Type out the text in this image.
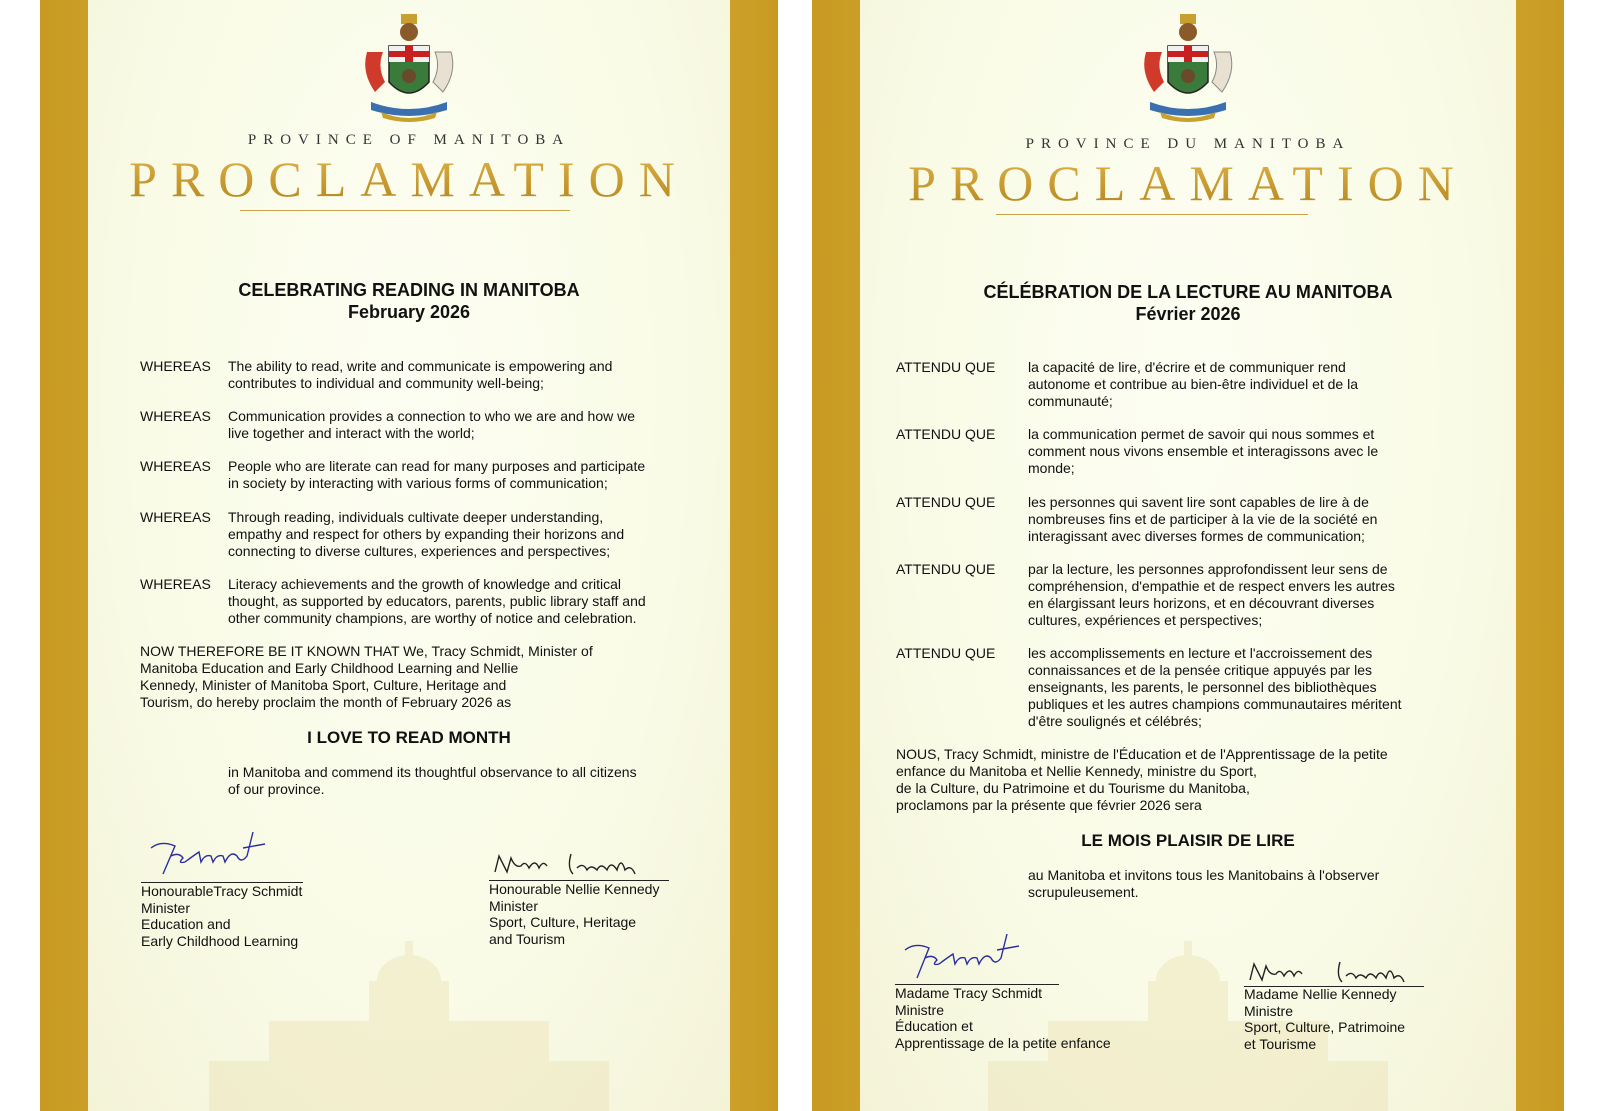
PROVINCE OF MANITOBA
PROCLAMATION
CELEBRATING READING IN MANITOBA
February 2026
WHEREAS The ability to read, write and communicate is empowering and
contributes to individual and community well-being;
WHEREAS Communication provides a connection to who we are and how we
live together and interact with the world;
WHEREAS People who are literate can read for many purposes and participate
in society by interacting with various forms of communication;
WHEREAS Through reading, individuals cultivate deeper understanding,
empathy and respect for others by expanding their horizons and
connecting to diverse cultures, experiences and perspectives;
WHEREAS Literacy achievements and the growth of knowledge and critical
thought, as supported by educators, parents, public library staff and
other community champions, are worthy of notice and celebration.
NOW THEREFORE BE IT KNOWN THAT We, Tracy Schmidt, Minister of
Manitoba Education and Early Childhood Learning and Nellie
Kennedy, Minister of Manitoba Sport, Culture, Heritage and
Tourism, do hereby proclaim the month of February 2026 as
I LOVE TO READ MONTH
in Manitoba and commend its thoughtful observance to all citizens
of our province.
HonourableTracy Schmidt
Minister
Education and
Early Childhood Learning
Honourable Nellie Kennedy
Minister
Sport, Culture, Heritage
and Tourism
PROVINCE DU MANITOBA
PROCLAMATION
CÉLÉBRATION DE LA LECTURE AU MANITOBA
Février 2026
ATTENDU QUE la capacité de lire, d'écrire et de communiquer rend
autonome et contribue au bien-être individuel et de la
communauté;
ATTENDU QUE la communication permet de savoir qui nous sommes et
comment nous vivons ensemble et interagissons avec le
monde;
ATTENDU QUE les personnes qui savent lire sont capables de lire à de
nombreuses fins et de participer à la vie de la société en
interagissant avec diverses formes de communication;
ATTENDU QUE par la lecture, les personnes approfondissent leur sens de
compréhension, d'empathie et de respect envers les autres
en élargissant leurs horizons, et en découvrant diverses
cultures, expériences et perspectives;
ATTENDU QUE les accomplissements en lecture et l'accroissement des
connaissances et de la pensée critique appuyés par les
enseignants, les parents, le personnel des bibliothèques
publiques et les autres champions communautaires méritent
d'être soulignés et célébrés;
NOUS, Tracy Schmidt, ministre de l'Éducation et de l'Apprentissage de la petite
enfance du Manitoba et Nellie Kennedy, ministre du Sport,
de la Culture, du Patrimoine et du Tourisme du Manitoba,
proclamons par la présente que février 2026 sera
LE MOIS PLAISIR DE LIRE
au Manitoba et invitons tous les Manitobains à l'observer
scrupuleusement.
Madame Tracy Schmidt
Ministre
Éducation et
Apprentissage de la petite enfance
Madame Nellie Kennedy
Ministre
Sport, Culture, Patrimoine
et Tourisme
